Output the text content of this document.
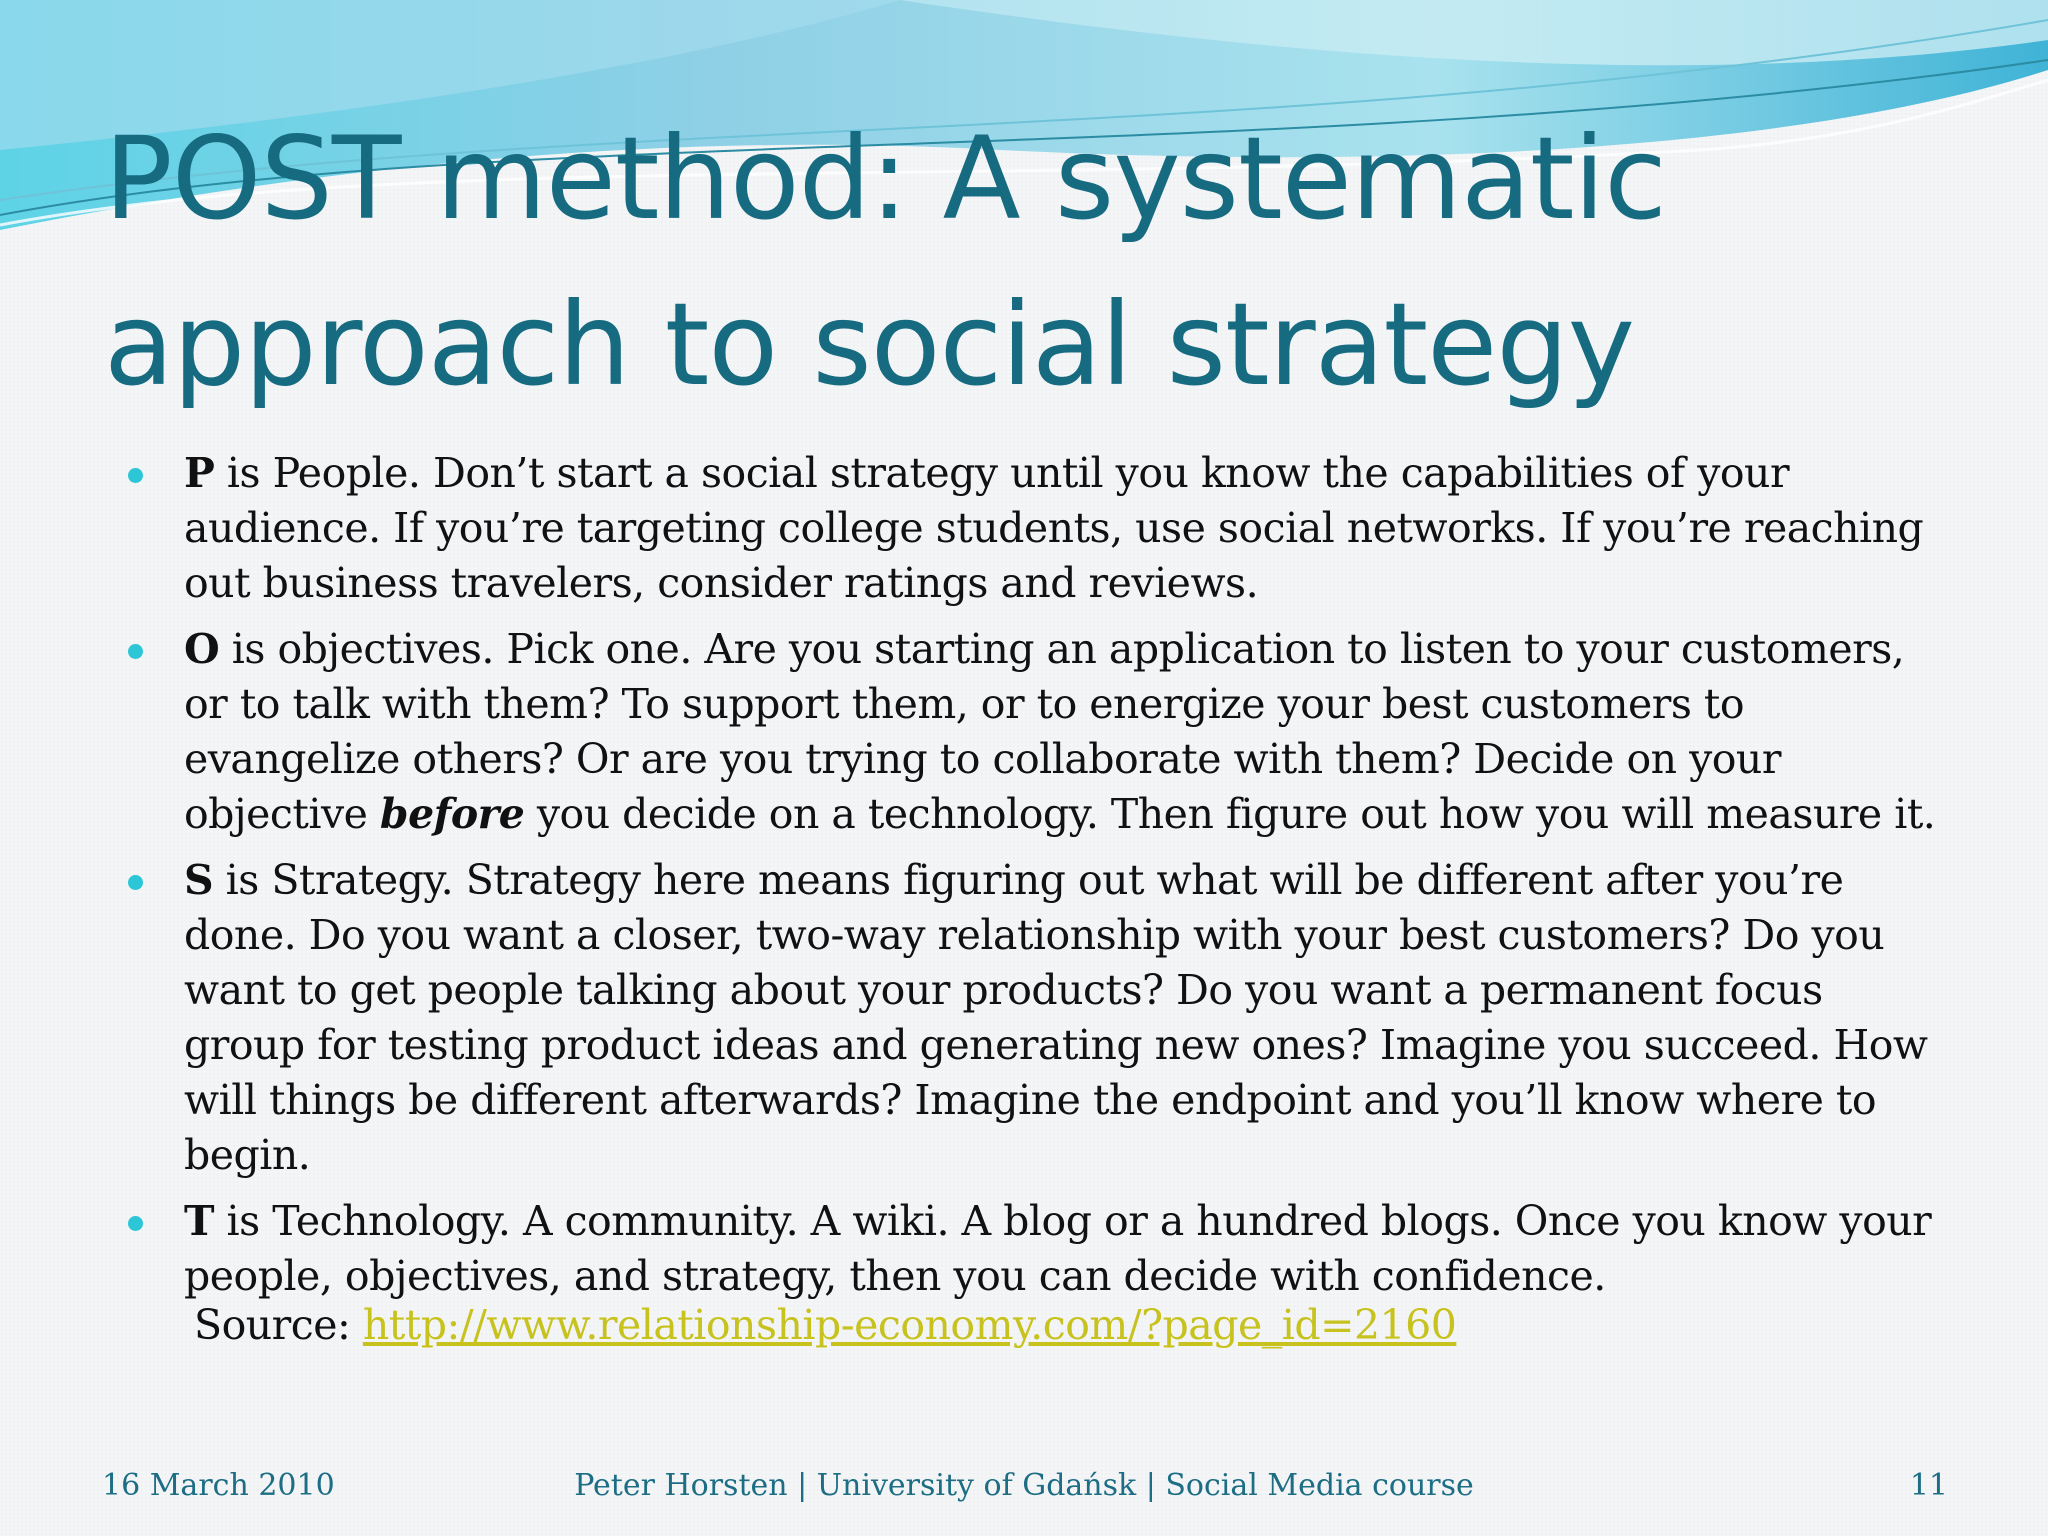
POST method: A systematic
approach to social strategy
P is People. Don’t start a social strategy until you know the capabilities of your audience. If you’re targeting college students, use social networks. If you’re reaching out business travelers, consider ratings and reviews.
O is objectives. Pick one. Are you starting an application to listen to your customers, or to talk with them? To support them, or to energize your best customers to evangelize others? Or are you trying to collaborate with them? Decide on your objective before you decide on a technology. Then figure out how you will measure it.
S is Strategy. Strategy here means figuring out what will be different after you’re done. Do you want a closer, two-way relationship with your best customers? Do you want to get people talking about your products? Do you want a permanent focus group for testing product ideas and generating new ones? Imagine you succeed. How will things be different afterwards? Imagine the endpoint and you’ll know where to begin.
T is Technology. A community. A wiki. A blog or a hundred blogs. Once you know your people, objectives, and strategy, then you can decide with confidence.
Source: http://www.relationship-economy.com/?page_id=2160
16 March 2010	Peter Horsten | University of Gdańsk | Social Media course	11
